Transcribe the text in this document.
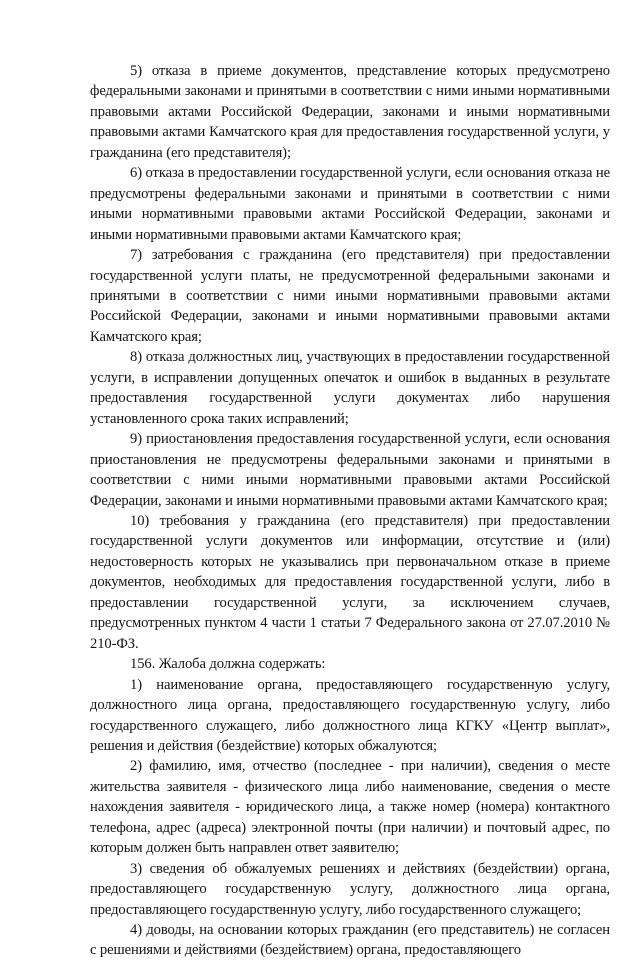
5) отказа в приеме документов, представление которых предусмотрено федеральными законами и принятыми в соответствии с ними иными нормативными правовыми актами Российской Федерации, законами и иными нормативными правовыми актами Камчатского края для предоставления государственной услуги, у гражданина (его представителя);

6) отказа в предоставлении государственной услуги, если основания отказа не предусмотрены федеральными законами и принятыми в соответствии с ними иными нормативными правовыми актами Российской Федерации, законами и иными нормативными правовыми актами Камчатского края;

7) затребования с гражданина (его представителя) при предоставлении государственной услуги платы, не предусмотренной федеральными законами и принятыми в соответствии с ними иными нормативными правовыми актами Российской Федерации, законами и иными нормативными правовыми актами Камчатского края;

8) отказа должностных лиц, участвующих в предоставлении государственной услуги, в исправлении допущенных опечаток и ошибок в выданных в результате предоставления государственной услуги документах либо нарушения установленного срока таких исправлений;

9) приостановления предоставления государственной услуги, если основания приостановления не предусмотрены федеральными законами и принятыми в соответствии с ними иными нормативными правовыми актами Российской Федерации, законами и иными нормативными правовыми актами Камчатского края;

10) требования у гражданина (его представителя) при предоставлении государственной услуги документов или информации, отсутствие и (или) недостоверность которых не указывались при первоначальном отказе в приеме документов, необходимых для предоставления государственной услуги, либо в предоставлении государственной услуги, за исключением случаев, предусмотренных пунктом 4 части 1 статьи 7 Федерального закона от 27.07.2010 № 210-ФЗ.

156. Жалоба должна содержать:

1) наименование органа, предоставляющего государственную услугу, должностного лица органа, предоставляющего государственную услугу, либо государственного служащего, либо должностного лица КГКУ «Центр выплат», решения и действия (бездействие) которых обжалуются;

2) фамилию, имя, отчество (последнее - при наличии), сведения о месте жительства заявителя - физического лица либо наименование, сведения о месте нахождения заявителя - юридического лица, а также номер (номера) контактного телефона, адрес (адреса) электронной почты (при наличии) и почтовый адрес, по которым должен быть направлен ответ заявителю;

3) сведения об обжалуемых решениях и действиях (бездействии) органа, предоставляющего государственную услугу, должностного лица органа, предоставляющего государственную услугу, либо государственного служащего;

4) доводы, на основании которых гражданин (его представитель) не согласен с решениями и действиями (бездействием) органа, предоставляющего
